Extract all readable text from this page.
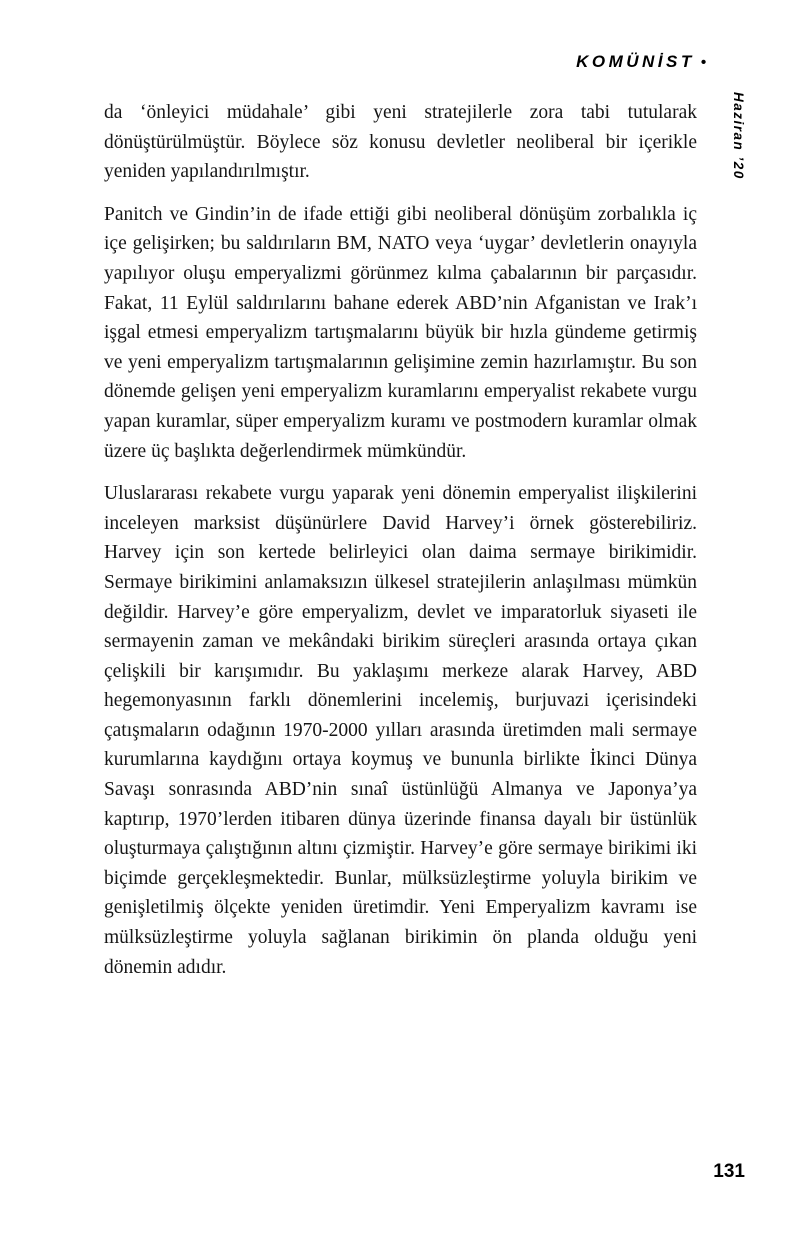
KOMÜNİST •
Haziran ’20

da ‘önleyici müdahale’ gibi yeni stratejilerle zora tabi tutularak dönüştürülmüştür. Böylece söz konusu devletler neoliberal bir içerikle yeniden yapılandırılmıştır.

Panitch ve Gindin’in de ifade ettiği gibi neoliberal dönüşüm zorbalıkla iç içe gelişirken; bu saldırıların BM, NATO veya ‘uygar’ devletlerin onayıyla yapılıyor oluşu emperyalizmi görünmez kılma çabalarının bir parçasıdır. Fakat, 11 Eylül saldırılarını bahane ederek ABD’nin Afganistan ve Irak’ı işgal etmesi emperyalizm tartışmalarını büyük bir hızla gündeme getirmiş ve yeni emperyalizm tartışmalarının gelişimine zemin hazırlamıştır. Bu son dönemde gelişen yeni emperyalizm kuramlarını emperyalist rekabete vurgu yapan kuramlar, süper emperyalizm kuramı ve postmodern kuramlar olmak üzere üç başlıkta değerlendirmek mümkündür.

Uluslararası rekabete vurgu yaparak yeni dönemin emperyalist ilişkilerini inceleyen marksist düşünürlere David Harvey’i örnek gösterebiliriz. Harvey için son kertede belirleyici olan daima sermaye birikimidir. Sermaye birikimini anlamaksızın ülkesel stratejilerin anlaşılması mümkün değildir. Harvey’e göre emperyalizm, devlet ve imparatorluk siyaseti ile sermayenin zaman ve mekândaki birikim süreçleri arasında ortaya çıkan çelişkili bir karışımıdır. Bu yaklaşımı merkeze alarak Harvey, ABD hegemonyasının farklı dönemlerini incelemiş, burjuvazi içerisindeki çatışmaların odağının 1970-2000 yılları arasında üretimden mali sermaye kurumlarına kaydığını ortaya koymuş ve bununla birlikte İkinci Dünya Savaşı sonrasında ABD’nin sınaî üstünlüğü Almanya ve Japonya’ya kaptırıp, 1970’lerden itibaren dünya üzerinde finansa dayalı bir üstünlük oluşturmaya çalıştığının altını çizmiştir. Harvey’e göre sermaye birikimi iki biçimde gerçekleşmektedir. Bunlar, mülksüzleştirme yoluyla birikim ve genişletilmiş ölçekte yeniden üretimdir. Yeni Emperyalizm kavramı ise mülksüzleştirme yoluyla sağlanan birikimin ön planda olduğu yeni dönemin adıdır.

131
